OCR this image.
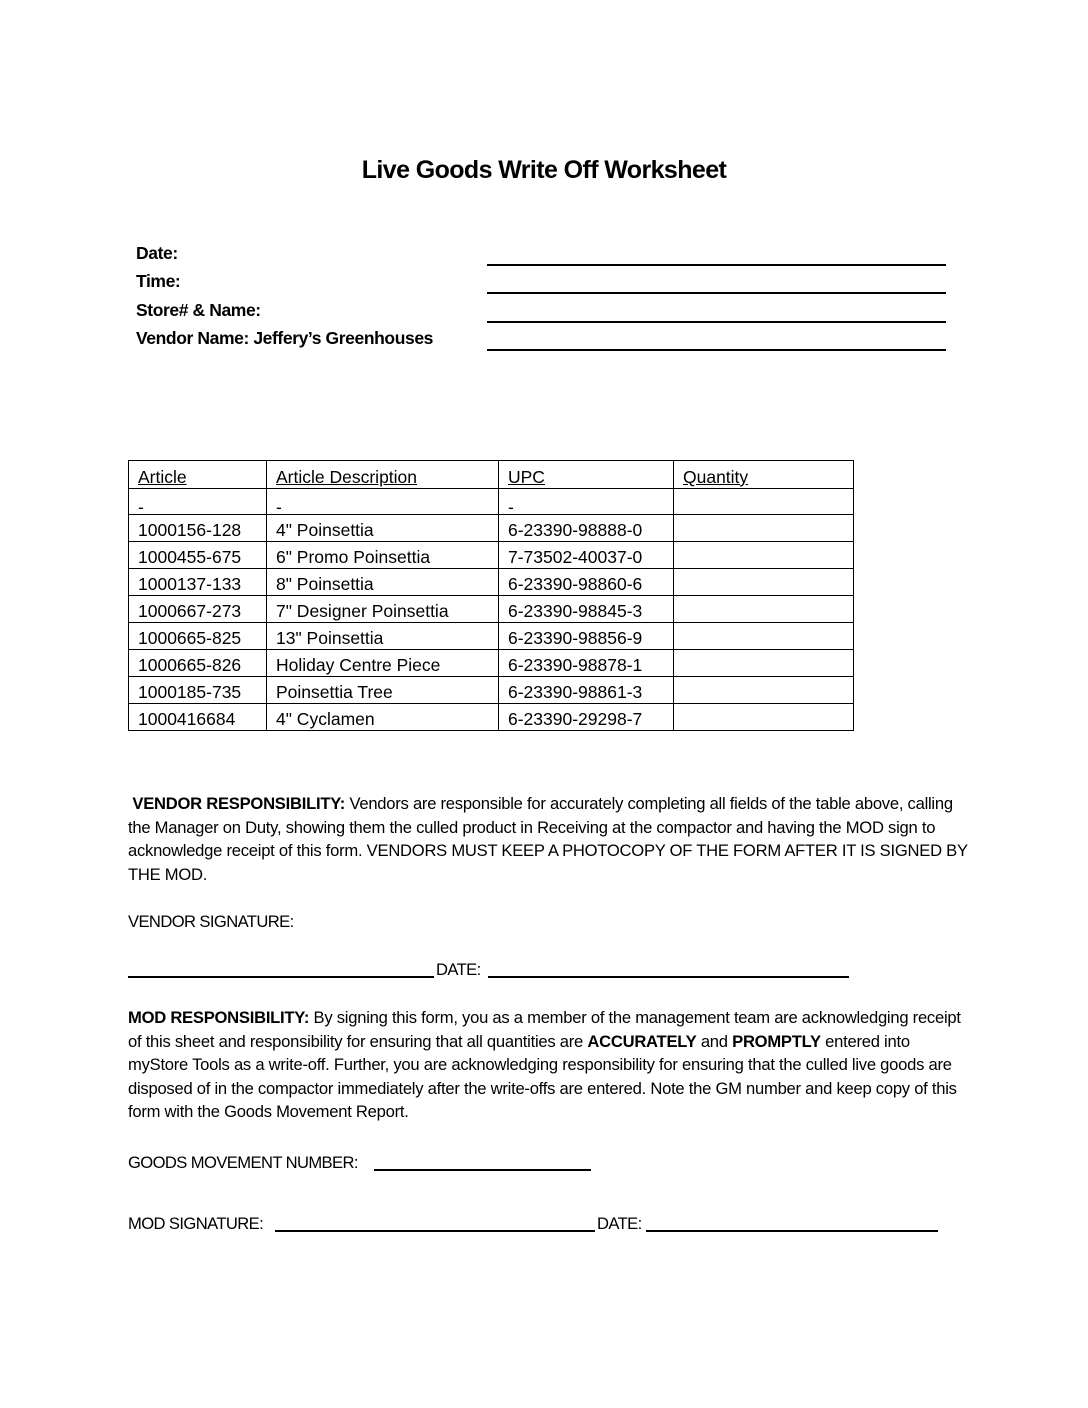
Live Goods Write Off Worksheet
Date:
Time:
Store# & Name:
Vendor Name: Jeffery’s Greenhouses
Article	Article Description	UPC	Quantity
-	-	-	
1000156-128	4" Poinsettia	6-23390-98888-0	
1000455-675	6" Promo Poinsettia	7-73502-40037-0	
1000137-133	8" Poinsettia	6-23390-98860-6	
1000667-273	7" Designer Poinsettia	6-23390-98845-3	
1000665-825	13" Poinsettia	6-23390-98856-9	
1000665-826	Holiday Centre Piece	6-23390-98878-1	
1000185-735	Poinsettia Tree	6-23390-98861-3	
1000416684	4" Cyclamen	6-23390-29298-7	
VENDOR RESPONSIBILITY: Vendors are responsible for accurately completing all fields of the table above, calling the Manager on Duty, showing them the culled product in Receiving at the compactor and having the MOD sign to acknowledge receipt of this form. VENDORS MUST KEEP A PHOTOCOPY OF THE FORM AFTER IT IS SIGNED BY THE MOD.
VENDOR SIGNATURE:
DATE:
MOD RESPONSIBILITY: By signing this form, you as a member of the management team are acknowledging receipt of this sheet and responsibility for ensuring that all quantities are ACCURATELY and PROMPTLY entered into myStore Tools as a write-off. Further, you are acknowledging responsibility for ensuring that the culled live goods are disposed of in the compactor immediately after the write-offs are entered. Note the GM number and keep copy of this form with the Goods Movement Report.
GOODS MOVEMENT NUMBER:
MOD SIGNATURE:	DATE:
